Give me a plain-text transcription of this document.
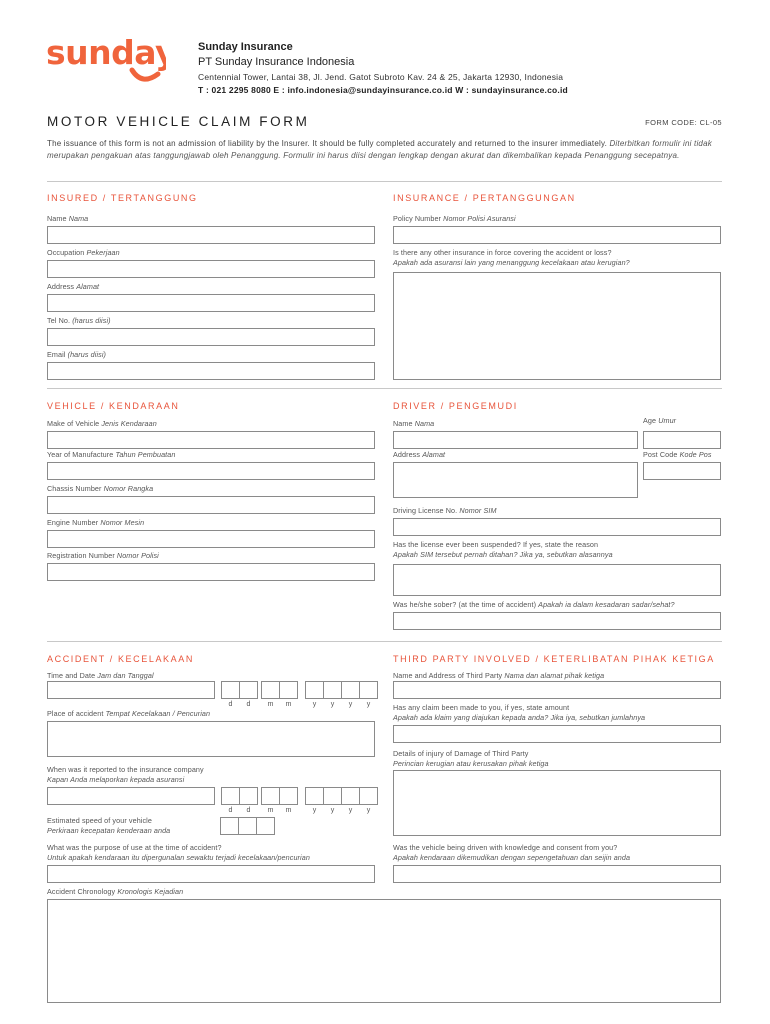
sunday Sunday Insurance
PT Sunday Insurance Indonesia
Centennial Tower, Lantai 38, Jl. Jend. Gatot Subroto Kav. 24 & 25, Jakarta 12930, Indonesia
T : 021 2295 8080 E : info.indonesia@sundayinsurance.co.id W : sundayinsurance.co.id
MOTOR VEHICLE CLAIM FORM	FORM CODE: CL-05
The issuance of this form is not an admission of liability by the Insurer. It should be fully completed accurately and returned to the insurer immediately. Diterbitkan formulir ini tidak merupakan pengakuan atas tanggungjawab oleh Penanggung. Formulir ini harus diisi dengan lengkap dengan akurat dan dikembalikan kepada Penanggung secepatnya.
INSURED / TERTANGGUNG
Name Nama
Occupation Pekerjaan
Address Alamat
Tel No. (harus diisi)
Email (harus diisi)
INSURANCE / PERTANGGUNGAN
Policy Number Nomor Polisi Asuransi
Is there any other insurance in force covering the accident or loss?
Apakah ada asuransi lain yang menanggung kecelakaan atau kerugian?
VEHICLE / KENDARAAN
Make of Vehicle Jenis Kendaraan
Year of Manufacture Tahun Pembuatan
Chassis Number Nomor Rangka
Engine Number Nomor Mesin
Registration Number Nomor Polisi
DRIVER / PENGEMUDI
Name Nama	Age Umur
Address Alamat	Post Code Kode Pos
Driving License No. Nomor SIM
Has the license ever been suspended? If yes, state the reason
Apakah SIM tersebut pernah ditahan? Jika ya, sebutkan alasannya
Was he/she sober? (at the time of accident) Apakah ia dalam kesadaran sadar/sehat?
ACCIDENT / KECELAKAAN
Time and Date Jam dan Tanggal
d	d	m	m	y	y	y	y
Place of accident Tempat Kecelakaan / Pencurian
When was it reported to the insurance company
Kapan Anda melaporkan kepada asuransi
d	d	m	m	y	y	y	y
Estimated speed of your vehicle
Perkiraan kecepatan kenderaan anda
What was the purpose of use at the time of accident?
Untuk apakah kendaraan itu dipergunalan sewaktu terjadi kecelakaan/pencurian
Accident Chronology Kronologis Kejadian
THIRD PARTY INVOLVED / KETERLIBATAN PIHAK KETIGA
Name and Address of Third Party Nama dan alamat pihak ketiga
Has any claim been made to you, if yes, state amount
Apakah ada klaim yang diajukan kepada anda? Jika iya, sebutkan jumlahnya
Details of injury of Damage of Third Party
Perincian kerugian atau kerusakan pihak ketiga
Was the vehicle being driven with knowledge and consent from you?
Apakah kendaraan dikemudikan dengan sepengetahuan dan seijin anda
